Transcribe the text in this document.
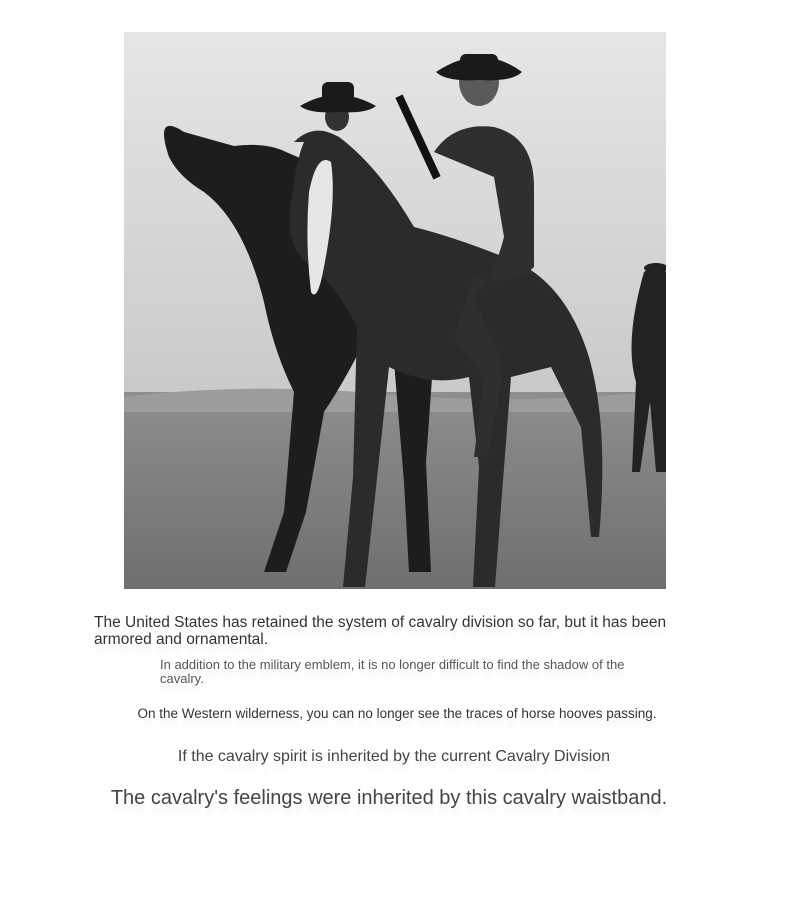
The United States has retained the system of cavalry division so far, but it has been armored and ornamental.

In addition to the military emblem, it is no longer difficult to find the shadow of the cavalry.

On the Western wilderness, you can no longer see the traces of horse hooves passing.

If the cavalry spirit is inherited by the current Cavalry Division

The cavalry's feelings were inherited by this cavalry waistband.
